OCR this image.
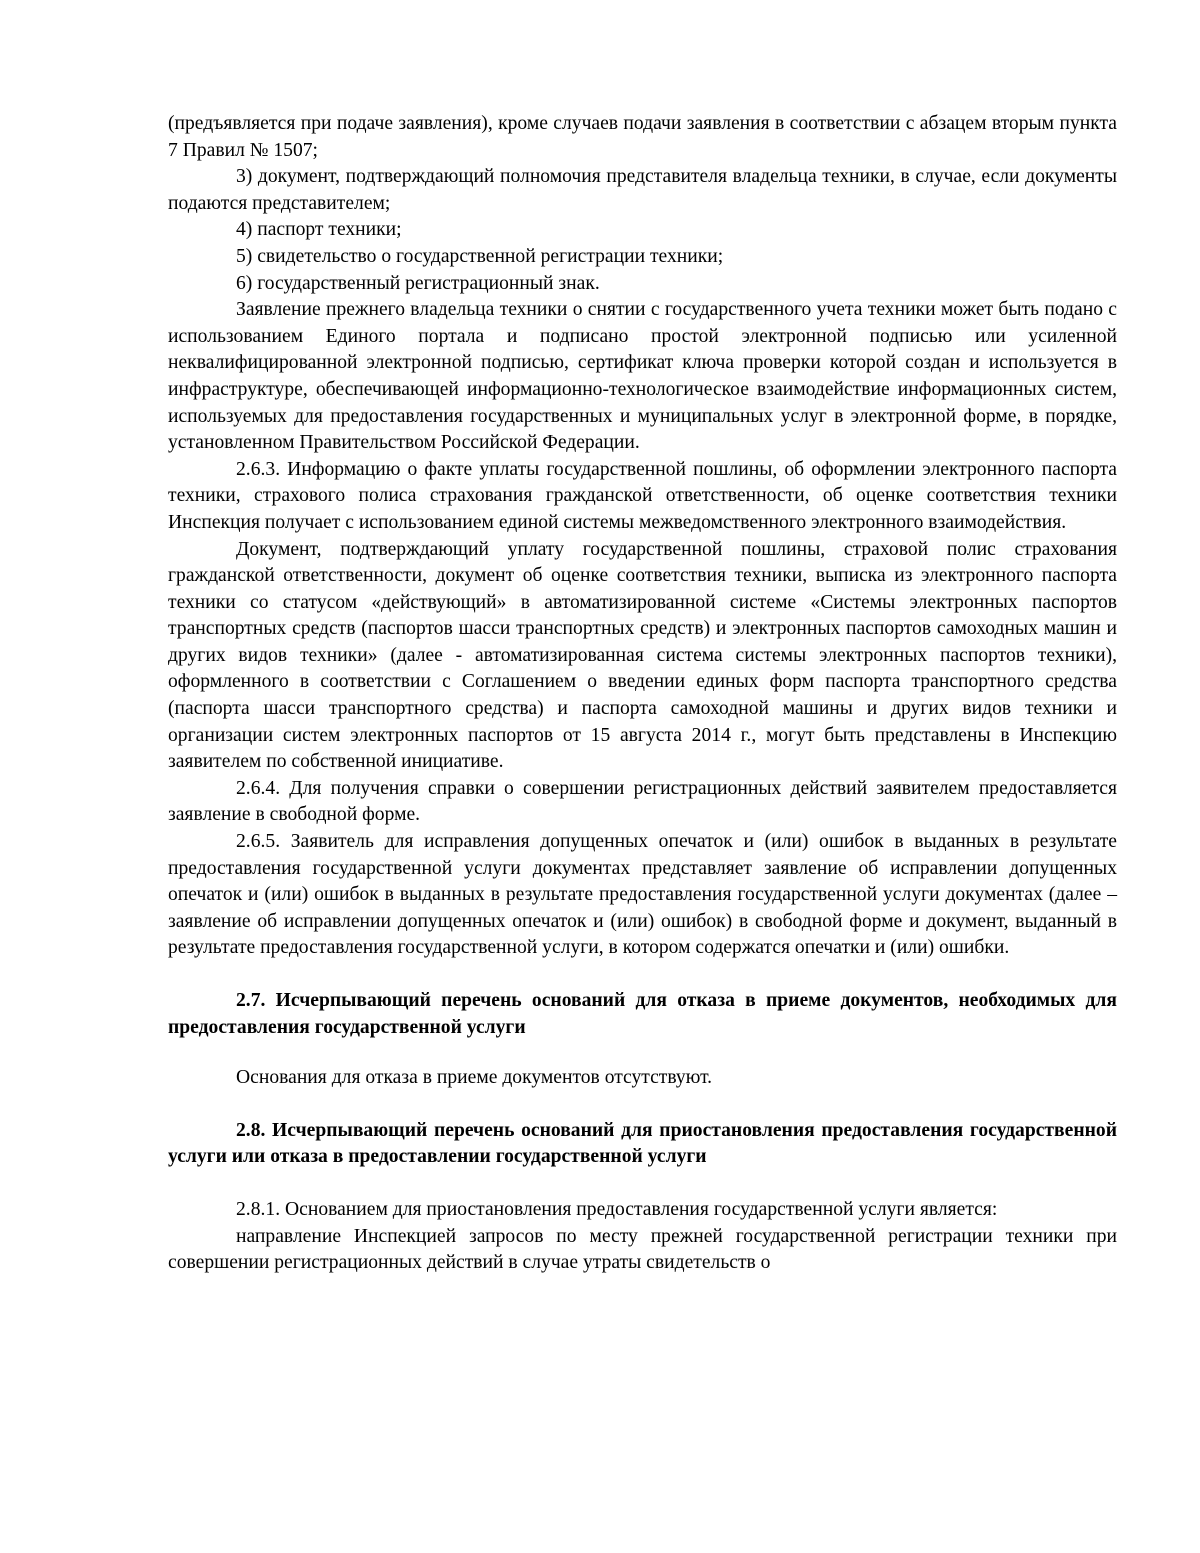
(предъявляется при подаче заявления), кроме случаев подачи заявления в соответствии с абзацем вторым пункта 7 Правил № 1507;

3) документ, подтверждающий полномочия представителя владельца техники, в случае, если документы подаются представителем;

4) паспорт техники;

5) свидетельство о государственной регистрации техники;

6) государственный регистрационный знак.

Заявление прежнего владельца техники о снятии с государственного учета техники может быть подано с использованием Единого портала и подписано простой электронной подписью или усиленной неквалифицированной электронной подписью, сертификат ключа проверки которой создан и используется в инфраструктуре, обеспечивающей информационно-технологическое взаимодействие информационных систем, используемых для предоставления государственных и муниципальных услуг в электронной форме, в порядке, установленном Правительством Российской Федерации.

2.6.3. Информацию о факте уплаты государственной пошлины, об оформлении электронного паспорта техники, страхового полиса страхования гражданской ответственности, об оценке соответствия техники Инспекция получает с использованием единой системы межведомственного электронного взаимодействия.

Документ, подтверждающий уплату государственной пошлины, страховой полис страхования гражданской ответственности, документ об оценке соответствия техники, выписка из электронного паспорта техники со статусом «действующий» в автоматизированной системе «Системы электронных паспортов транспортных средств (паспортов шасси транспортных средств) и электронных паспортов самоходных машин и других видов техники» (далее - автоматизированная система системы электронных паспортов техники), оформленного в соответствии с Соглашением о введении единых форм паспорта транспортного средства (паспорта шасси транспортного средства) и паспорта самоходной машины и других видов техники и организации систем электронных паспортов от 15 августа 2014 г., могут быть представлены в Инспекцию заявителем по собственной инициативе.

2.6.4. Для получения справки о совершении регистрационных действий заявителем предоставляется заявление в свободной форме.

2.6.5. Заявитель для исправления допущенных опечаток и (или) ошибок в выданных в результате предоставления государственной услуги документах представляет заявление об исправлении допущенных опечаток и (или) ошибок в выданных в результате предоставления государственной услуги документах (далее – заявление об исправлении допущенных опечаток и (или) ошибок) в свободной форме и документ, выданный в результате предоставления государственной услуги, в котором содержатся опечатки и (или) ошибки.

2.7. Исчерпывающий перечень оснований для отказа в приеме документов, необходимых для предоставления государственной услуги

Основания для отказа в приеме документов отсутствуют.

2.8. Исчерпывающий перечень оснований для приостановления предоставления государственной услуги или отказа в предоставлении государственной услуги

2.8.1. Основанием для приостановления предоставления государственной услуги является:

направление Инспекцией запросов по месту прежней государственной регистрации техники при совершении регистрационных действий в случае утраты свидетельств о
